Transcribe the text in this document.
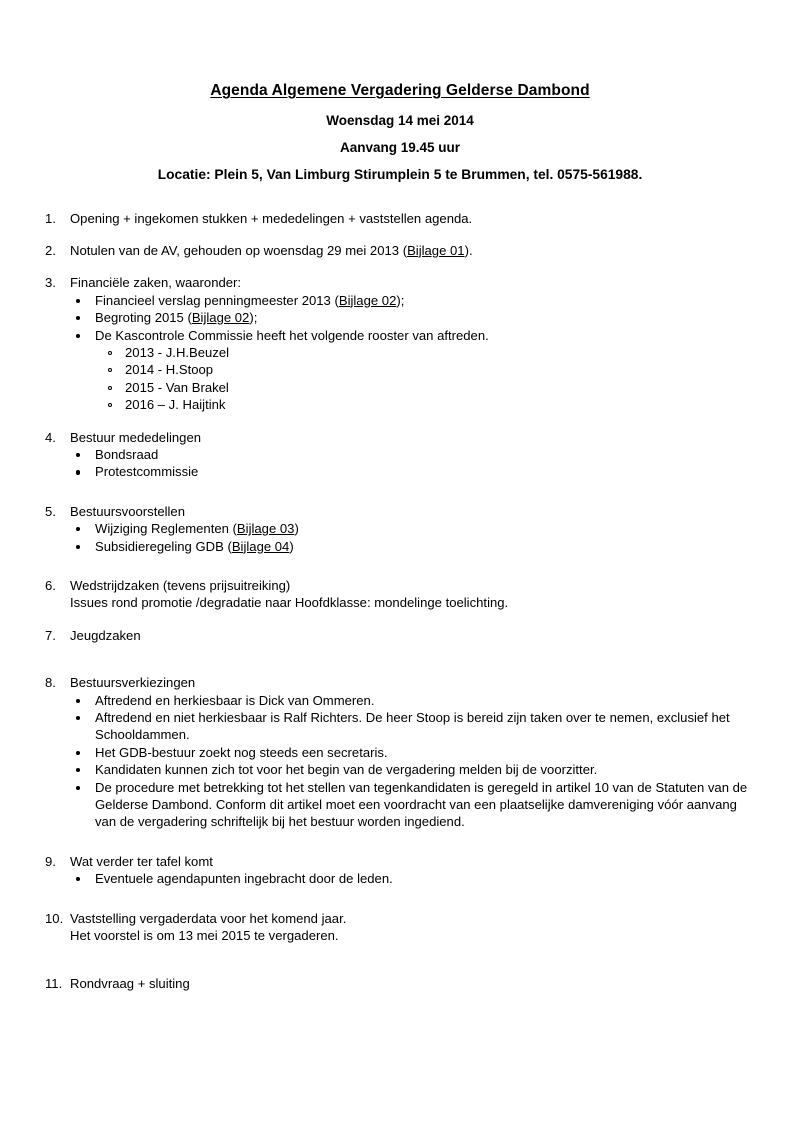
Agenda Algemene Vergadering Gelderse Dambond

Woensdag 14 mei 2014

Aanvang 19.45 uur

Locatie: Plein 5, Van Limburg Stirumplein 5 te Brummen, tel. 0575-561988.

1.	Opening + ingekomen stukken + mededelingen + vaststellen agenda.

2.	Notulen van de AV, gehouden op woensdag 29 mei 2013 (Bijlage 01).

3.	Financiële zaken, waaronder:

Financieel verslag penningmeester 2013 (Bijlage 02);
Begroting 2015 (Bijlage 02);
De Kascontrole Commissie heeft het volgende rooster van aftreden.
2013 - J.H.Beuzel
2014 - H.Stoop
2015 - Van Brakel
2016 – J. Haijtink
4.	Bestuur mededelingen

Bondsraad
Protestcommissie
5.	Bestuursvoorstellen

Wijziging Reglementen (Bijlage 03)
Subsidieregeling GDB (Bijlage 04)
6.	Wedstrijdzaken (tevens prijsuitreiking)

Issues rond promotie /degradatie naar Hoofdklasse: mondelinge toelichting.

7.	Jeugdzaken

8.	Bestuursverkiezingen

Aftredend en herkiesbaar is Dick van Ommeren.
Aftredend en niet herkiesbaar is Ralf Richters. De heer Stoop is bereid zijn taken over te nemen, exclusief het Schooldammen.
Het GDB-bestuur zoekt nog steeds een secretaris.
Kandidaten kunnen zich tot voor het begin van de vergadering melden bij de voorzitter.
De procedure met betrekking tot het stellen van tegenkandidaten is geregeld in artikel 10 van de Statuten van de Gelderse Dambond. Conform dit artikel moet een voordracht van een plaatselijke damvereniging vóór aanvang van de vergadering schriftelijk bij het bestuur worden ingediend.
9.	Wat verder ter tafel komt

Eventuele agendapunten ingebracht door de leden.
10. Vaststelling vergaderdata voor het komend jaar.

Het voorstel is om 13 mei 2015 te vergaderen.

11. Rondvraag + sluiting
